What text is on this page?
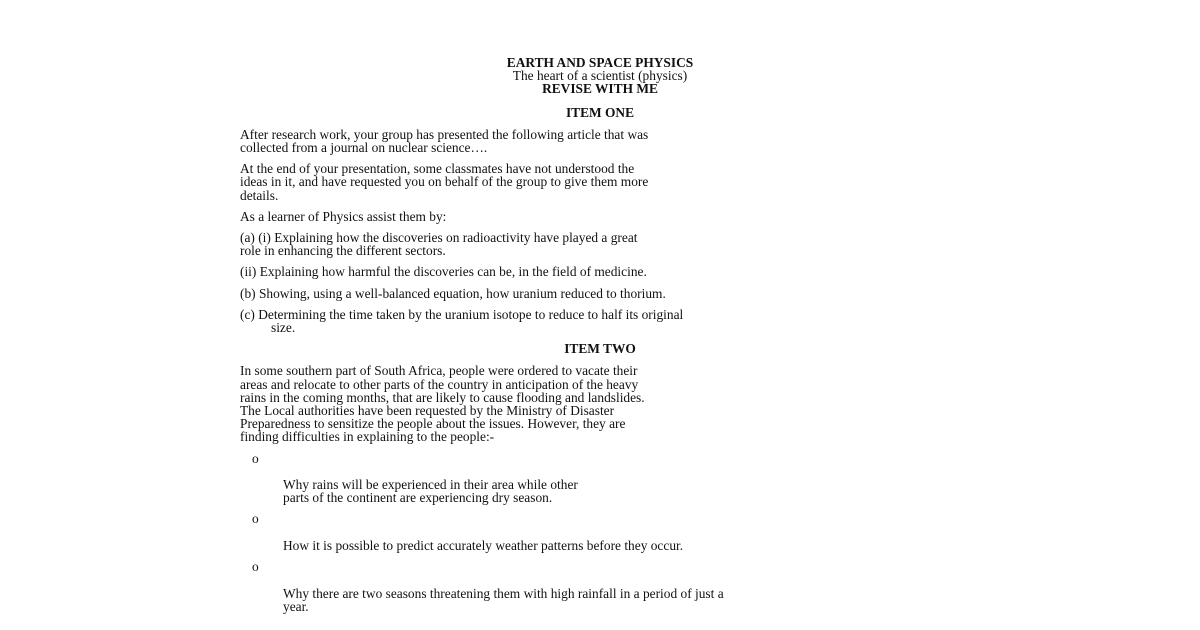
EARTH AND SPACE PHYSICS
The heart of a scientist (physics)
REVISE WITH ME
ITEM ONE

After research work, your group has presented the following article that was
collected from a journal on nuclear science….

At the end of your presentation, some classmates have not understood the
ideas in it, and have requested you on behalf of the group to give them more
details.

As a learner of Physics assist them by:

(a) (i) Explaining how the discoveries on radioactivity have played a great
role in enhancing the different sectors.
(ii) Explaining how harmful the discoveries can be, in the field of medicine.
(b) Showing, using a well-balanced equation, how uranium reduced to thorium.
(c) Determining the time taken by the uranium isotope to reduce to half its original
size.
ITEM TWO

In some southern part of South Africa, people were ordered to vacate their
areas and relocate to other parts of the country in anticipation of the heavy
rains in the coming months, that are likely to cause flooding and landslides.
The Local authorities have been requested by the Ministry of Disaster
Preparedness to sensitize the people about the issues. However, they are
finding difficulties in explaining to the people:-

o

Why rains will be experienced in their area while other
parts of the continent are experiencing dry season.

o

How it is possible to predict accurately weather patterns before they occur.

o

Why there are two seasons threatening them with high rainfall in a period of just a
year.
